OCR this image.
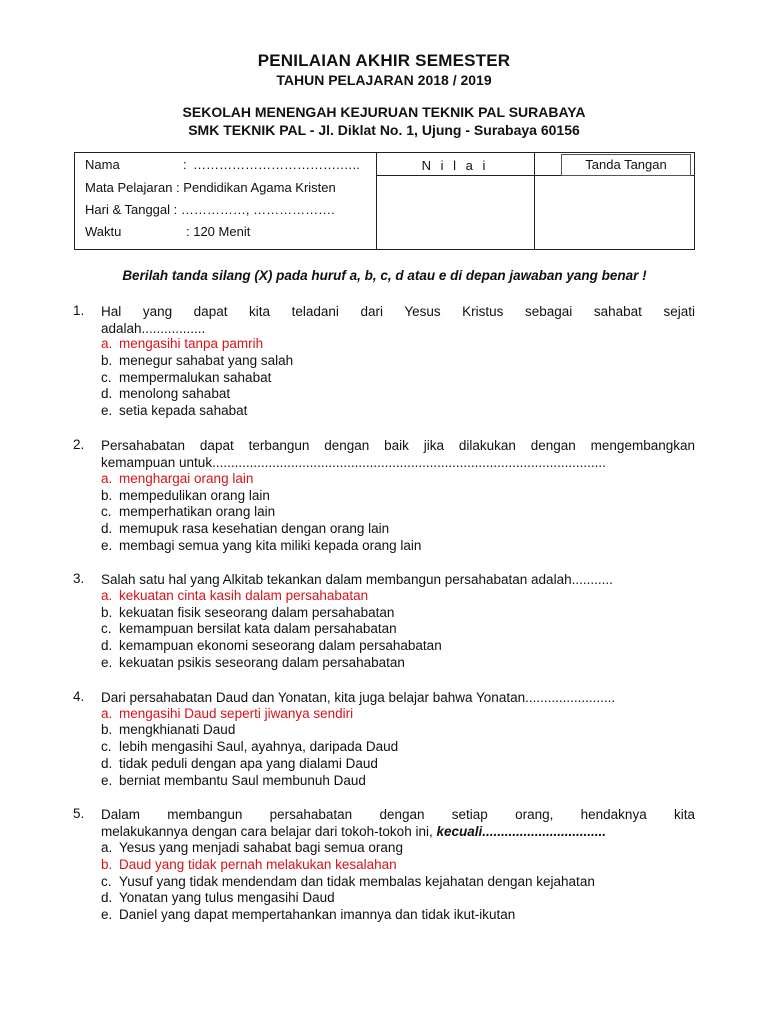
PENILAIAN AKHIR SEMESTER
TAHUN PELAJARAN 2018 / 2019
SEKOLAH MENENGAH KEJURUAN TEKNIK PAL SURABAYA
SMK TEKNIK PAL - Jl. Diklat No. 1, Ujung - Surabaya 60156
Nama	: …………………………….…..
Mata Pelajaran : Pendidikan Agama Kristen
Hari & Tanggal : ……………, ……………….
Waktu	: 120 Menit
N i l a i	Tanda Tangan
Berilah tanda silang (X) pada huruf a, b, c, d atau e di depan jawaban yang benar !
1. Hal yang dapat kita teladani dari Yesus Kristus sebagai sahabat sejati
adalah.................
a. mengasihi tanpa pamrih
b. menegur sahabat yang salah
c. mempermalukan sahabat
d. menolong sahabat
e. setia kepada sahabat
2. Persahabatan dapat terbangun dengan baik jika dilakukan dengan mengembangkan
kemampuan untuk.........................................................................................................
a. menghargai orang lain
b. mempedulikan orang lain
c. memperhatikan orang lain
d. memupuk rasa kesehatian dengan orang lain
e. membagi semua yang kita miliki kepada orang lain
3. Salah satu hal yang Alkitab tekankan dalam membangun persahabatan adalah...........
a. kekuatan cinta kasih dalam persahabatan
b. kekuatan fisik seseorang dalam persahabatan
c. kemampuan bersilat kata dalam persahabatan
d. kemampuan ekonomi seseorang dalam persahabatan
e. kekuatan psikis seseorang dalam persahabatan
4. Dari persahabatan Daud dan Yonatan, kita juga belajar bahwa Yonatan........................
a. mengasihi Daud seperti jiwanya sendiri
b. mengkhianati Daud
c. lebih mengasihi Saul, ayahnya, daripada Daud
d. tidak peduli dengan apa yang dialami Daud
e. berniat membantu Saul membunuh Daud
5. Dalam membangun persahabatan dengan setiap orang, hendaknya kita
melakukannya dengan cara belajar dari tokoh-tokoh ini, kecuali.................................
a. Yesus yang menjadi sahabat bagi semua orang
b. Daud yang tidak pernah melakukan kesalahan
c. Yusuf yang tidak mendendam dan tidak membalas kejahatan dengan kejahatan
d. Yonatan yang tulus mengasihi Daud
e. Daniel yang dapat mempertahankan imannya dan tidak ikut-ikutan
